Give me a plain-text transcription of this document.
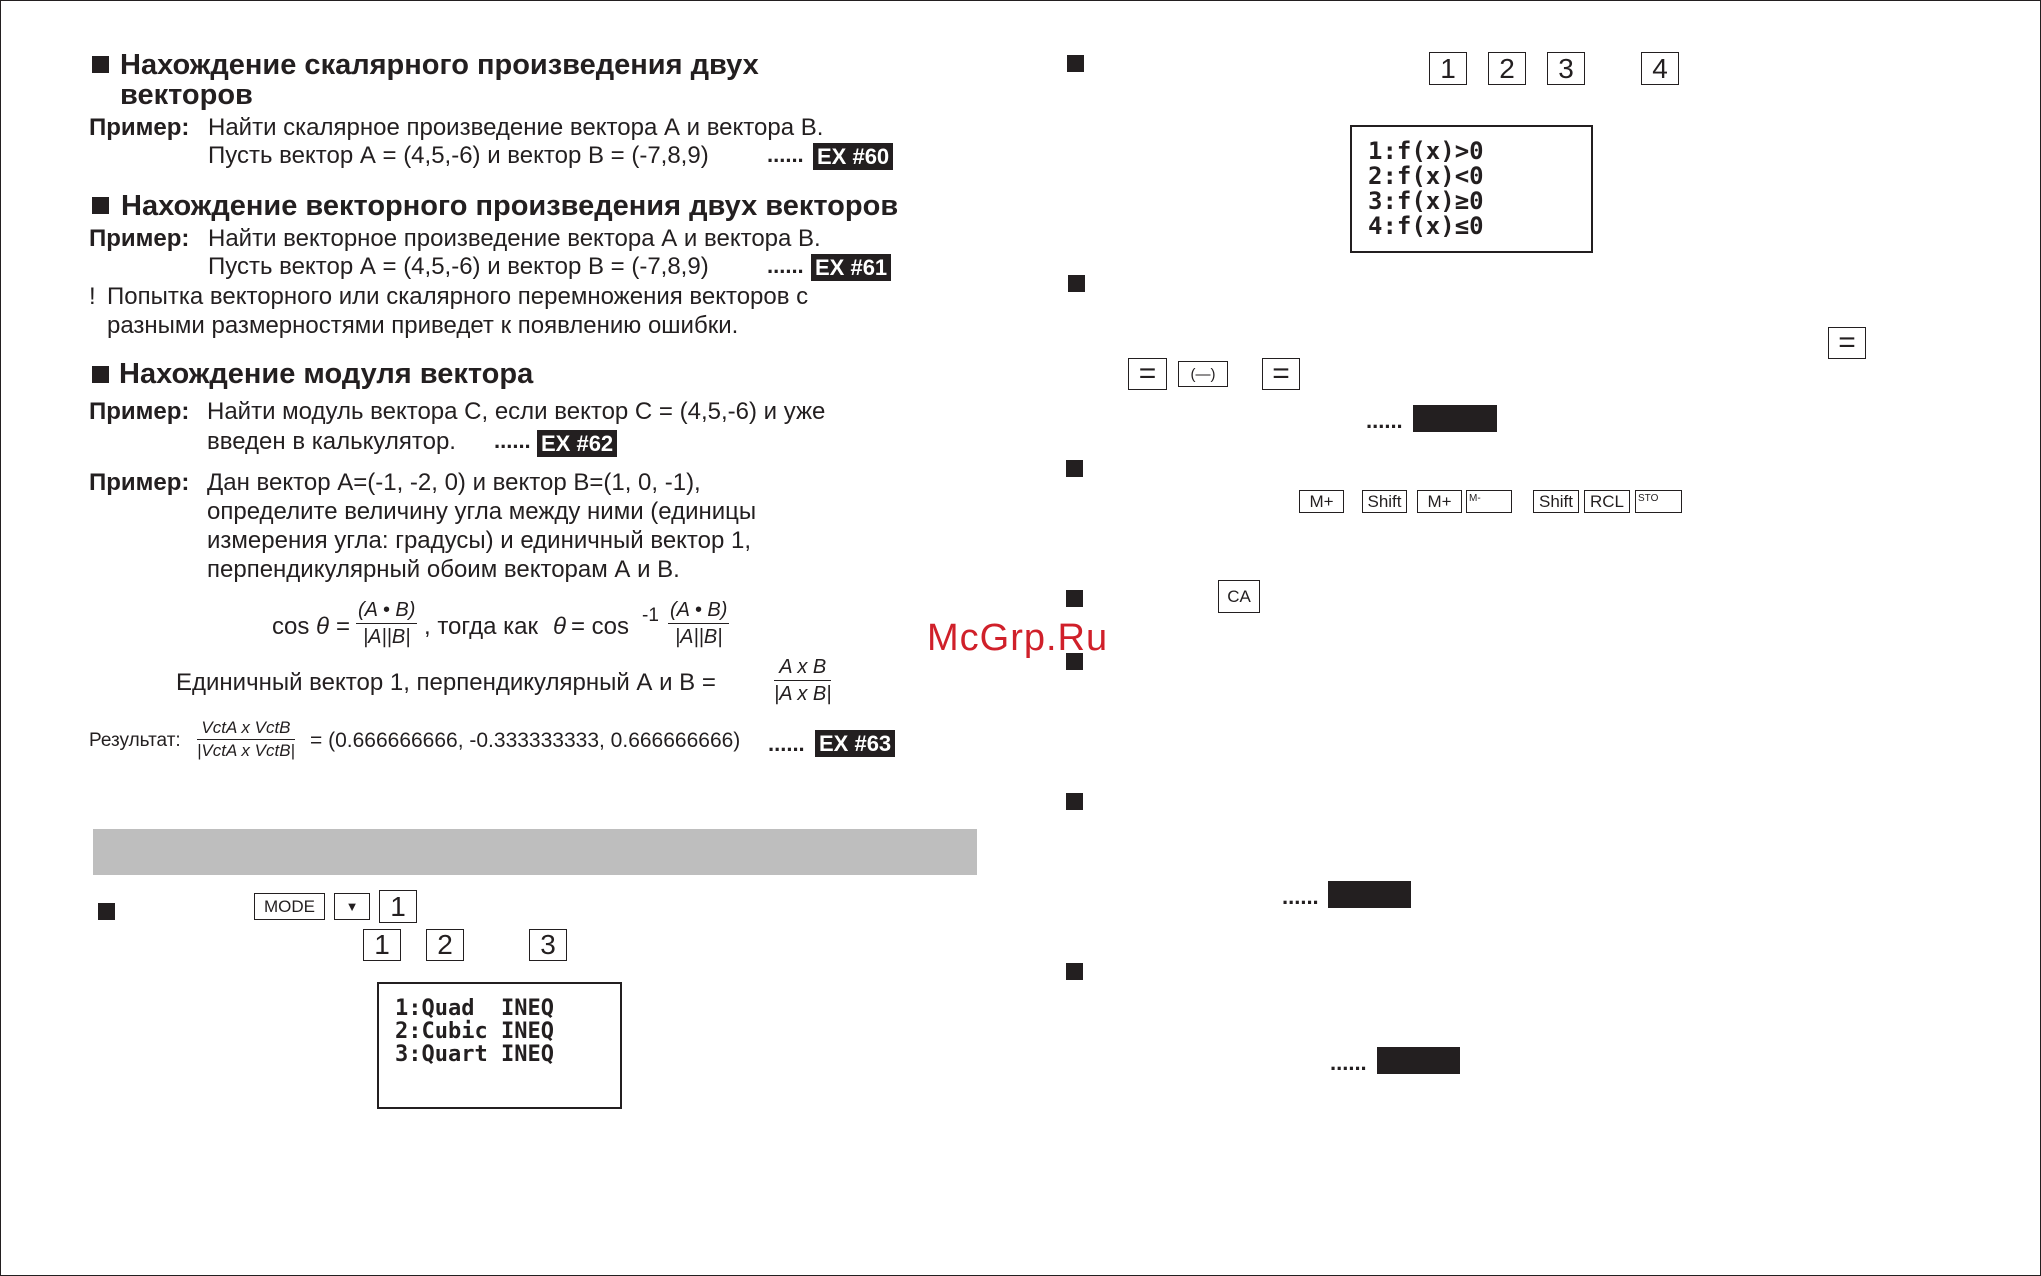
Нахождение скалярного произведения двух
векторов
Пример: Найти скалярное произведение вектора А и вектора В.
Пусть вектор А = (4,5,-6) и вектор В = (-7,8,9)	...... EX #60
Нахождение векторного произведения двух векторов
Пример: Найти векторное произведение вектора А и вектора В.
Пусть вектор А = (4,5,-6) и вектор В = (-7,8,9)	...... EX #61
! Попытка векторного или скалярного перемножения векторов с
разными размерностями приведет к появлению ошибки.
Нахождение модуля вектора
Пример: Найти модуль вектора С, если вектор С = (4,5,-6) и уже
введен в калькулятор. ...... EX #62
Пример: Дан вектор А=(-1, -2, 0) и вектор В=(1, 0, -1),
определите величину угла между ними (единицы
измерения угла: градусы) и единичный вектор 1,
перпендикулярный обоим векторам А и В.
$\cos \theta = \frac{(A • B)}{|A||B|}$ , тогда как $\theta = \cos -1 \frac{(A • B)}{|A||B|}$
Единичный вектор 1, перпендикулярный А и В =	$\frac{\text{A x B}}{\text{|A x B|}}$
Результат:
VctA x VctB
|VctA x VctB| = (0.666666666, -0.333333333, 0.666666666) ...... EX #63
MODE ▼ 1
1 2	3
1:Quad  INEQ
2:Cubic INEQ
3:Quart INEQ
1 2 3	4
1:f(x)>0
2:f(x)<0
3:f(x)≥0
4:f(x)≤0
=
= (—) =
......
M+ Shift M+ M-	Shift RCL STO
CA
......
......
McGrp.Ru
